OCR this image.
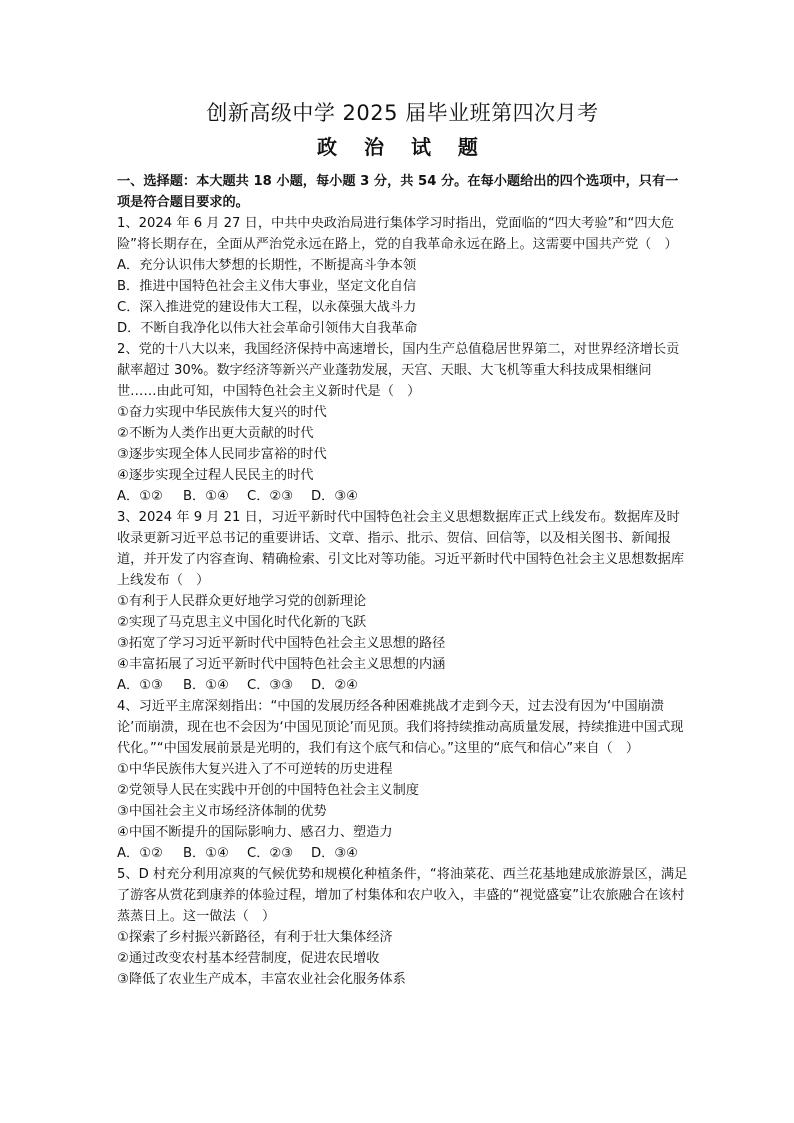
创新高级中学 2025 届毕业班第四次月考
政 治 试 题

一、选择题：本大题共 18 小题，每小题 3 分，共 54 分。在每小题给出的四个选项中，只有一项是符合题目要求的。

1、2024 年 6 月 27 日，中共中央政治局进行集体学习时指出，党面临的“四大考验”和“四大危险”将长期存在，全面从严治党永远在路上，党的自我革命永远在路上。这需要中国共产党（　）

A．充分认识伟大梦想的长期性，不断提高斗争本领

B．推进中国特色社会主义伟大事业，坚定文化自信

C．深入推进党的建设伟大工程，以永葆强大战斗力

D．不断自我净化以伟大社会革命引领伟大自我革命

2、党的十八大以来，我国经济保持中高速增长，国内生产总值稳居世界第二，对世界经济增长贡献率超过 30%。数字经济等新兴产业蓬勃发展，天宫、天眼、大飞机等重大科技成果相继问世……由此可知，中国特色社会主义新时代是（　）

①奋力实现中华民族伟大复兴的时代

②不断为人类作出更大贡献的时代

③逐步实现全体人民同步富裕的时代

④逐步实现全过程人民民主的时代

A．①② B．①④ C．②③ D．③④

3、2024 年 9 月 21 日，习近平新时代中国特色社会主义思想数据库正式上线发布。数据库及时收录更新习近平总书记的重要讲话、文章、指示、批示、贺信、回信等，以及相关图书、新闻报道，并开发了内容查询、精确检索、引文比对等功能。习近平新时代中国特色社会主义思想数据库上线发布（　）

①有利于人民群众更好地学习党的创新理论

②实现了马克思主义中国化时代化新的飞跃

③拓宽了学习习近平新时代中国特色社会主义思想的路径

④丰富拓展了习近平新时代中国特色社会主义思想的内涵

A．①③ B．①④ C．③③ D．②④

4、习近平主席深刻指出：“中国的发展历经各种困难挑战才走到今天，过去没有因为‘中国崩溃论’而崩溃，现在也不会因为‘中国见顶论’而见顶。我们将持续推动高质量发展，持续推进中国式现代化。”“中国发展前景是光明的，我们有这个底气和信心。”这里的“底气和信心”来自（　）

①中华民族伟大复兴进入了不可逆转的历史进程

②党领导人民在实践中开创的中国特色社会主义制度

③中国社会主义市场经济体制的优势

④中国不断提升的国际影响力、感召力、塑造力

A．①② B．①④ C．②③ D．③④

5、D 村充分利用凉爽的气候优势和规模化种植条件，“将油菜花、西兰花基地建成旅游景区，满足了游客从赏花到康养的体验过程，增加了村集体和农户收入，丰盛的“视觉盛宴”让农旅融合在该村蒸蒸日上。这一做法（　）

①探索了乡村振兴新路径，有利于壮大集体经济

②通过改变农村基本经营制度，促进农民增收

③降低了农业生产成本，丰富农业社会化服务体系
